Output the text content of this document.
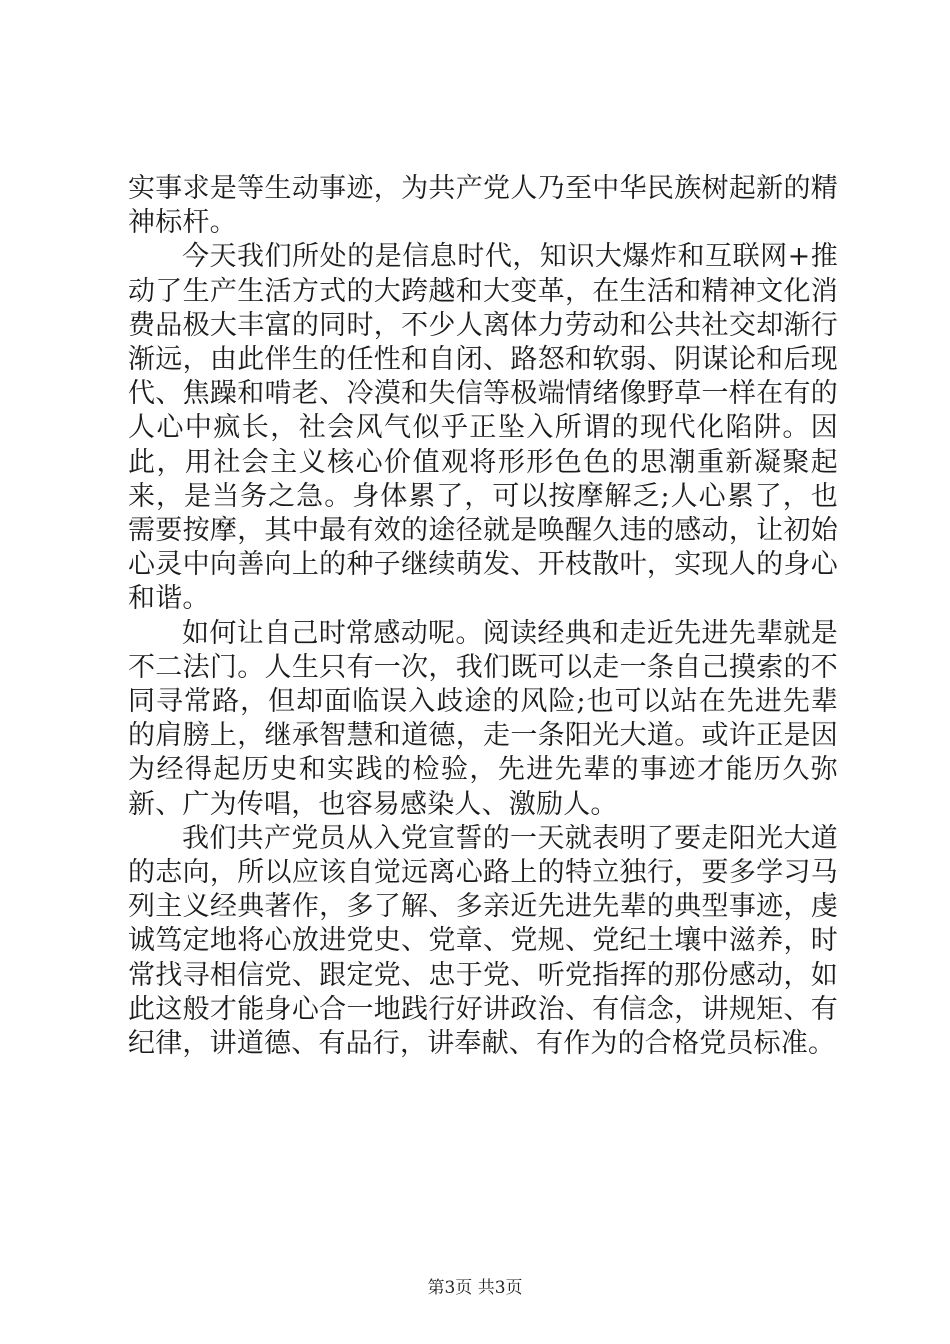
实事求是等生动事迹，为共产党人乃至中华民族树起新的精神标杆。

今天我们所处的是信息时代，知识大爆炸和互联网+推动了生产生活方式的大跨越和大变革，在生活和精神文化消费品极大丰富的同时，不少人离体力劳动和公共社交却渐行渐远，由此伴生的任性和自闭、路怒和软弱、阴谋论和后现代、焦躁和啃老、冷漠和失信等极端情绪像野草一样在有的人心中疯长，社会风气似乎正坠入所谓的现代化陷阱。因此，用社会主义核心价值观将形形色色的思潮重新凝聚起来，是当务之急。身体累了，可以按摩解乏;人心累了，也需要按摩，其中最有效的途径就是唤醒久违的感动，让初始心灵中向善向上的种子继续萌发、开枝散叶，实现人的身心和谐。

如何让自己时常感动呢。阅读经典和走近先进先辈就是不二法门。人生只有一次，我们既可以走一条自己摸索的不同寻常路，但却面临误入歧途的风险;也可以站在先进先辈的肩膀上，继承智慧和道德，走一条阳光大道。或许正是因为经得起历史和实践的检验，先进先辈的事迹才能历久弥新、广为传唱，也容易感染人、激励人。

我们共产党员从入党宣誓的一天就表明了要走阳光大道的志向，所以应该自觉远离心路上的特立独行，要多学习马列主义经典著作，多了解、多亲近先进先辈的典型事迹，虔诚笃定地将心放进党史、党章、党规、党纪土壤中滋养，时常找寻相信党、跟定党、忠于党、听党指挥的那份感动，如此这般才能身心合一地践行好讲政治、有信念，讲规矩、有纪律，讲道德、有品行，讲奉献、有作为的合格党员标准。

第3页 共3页
